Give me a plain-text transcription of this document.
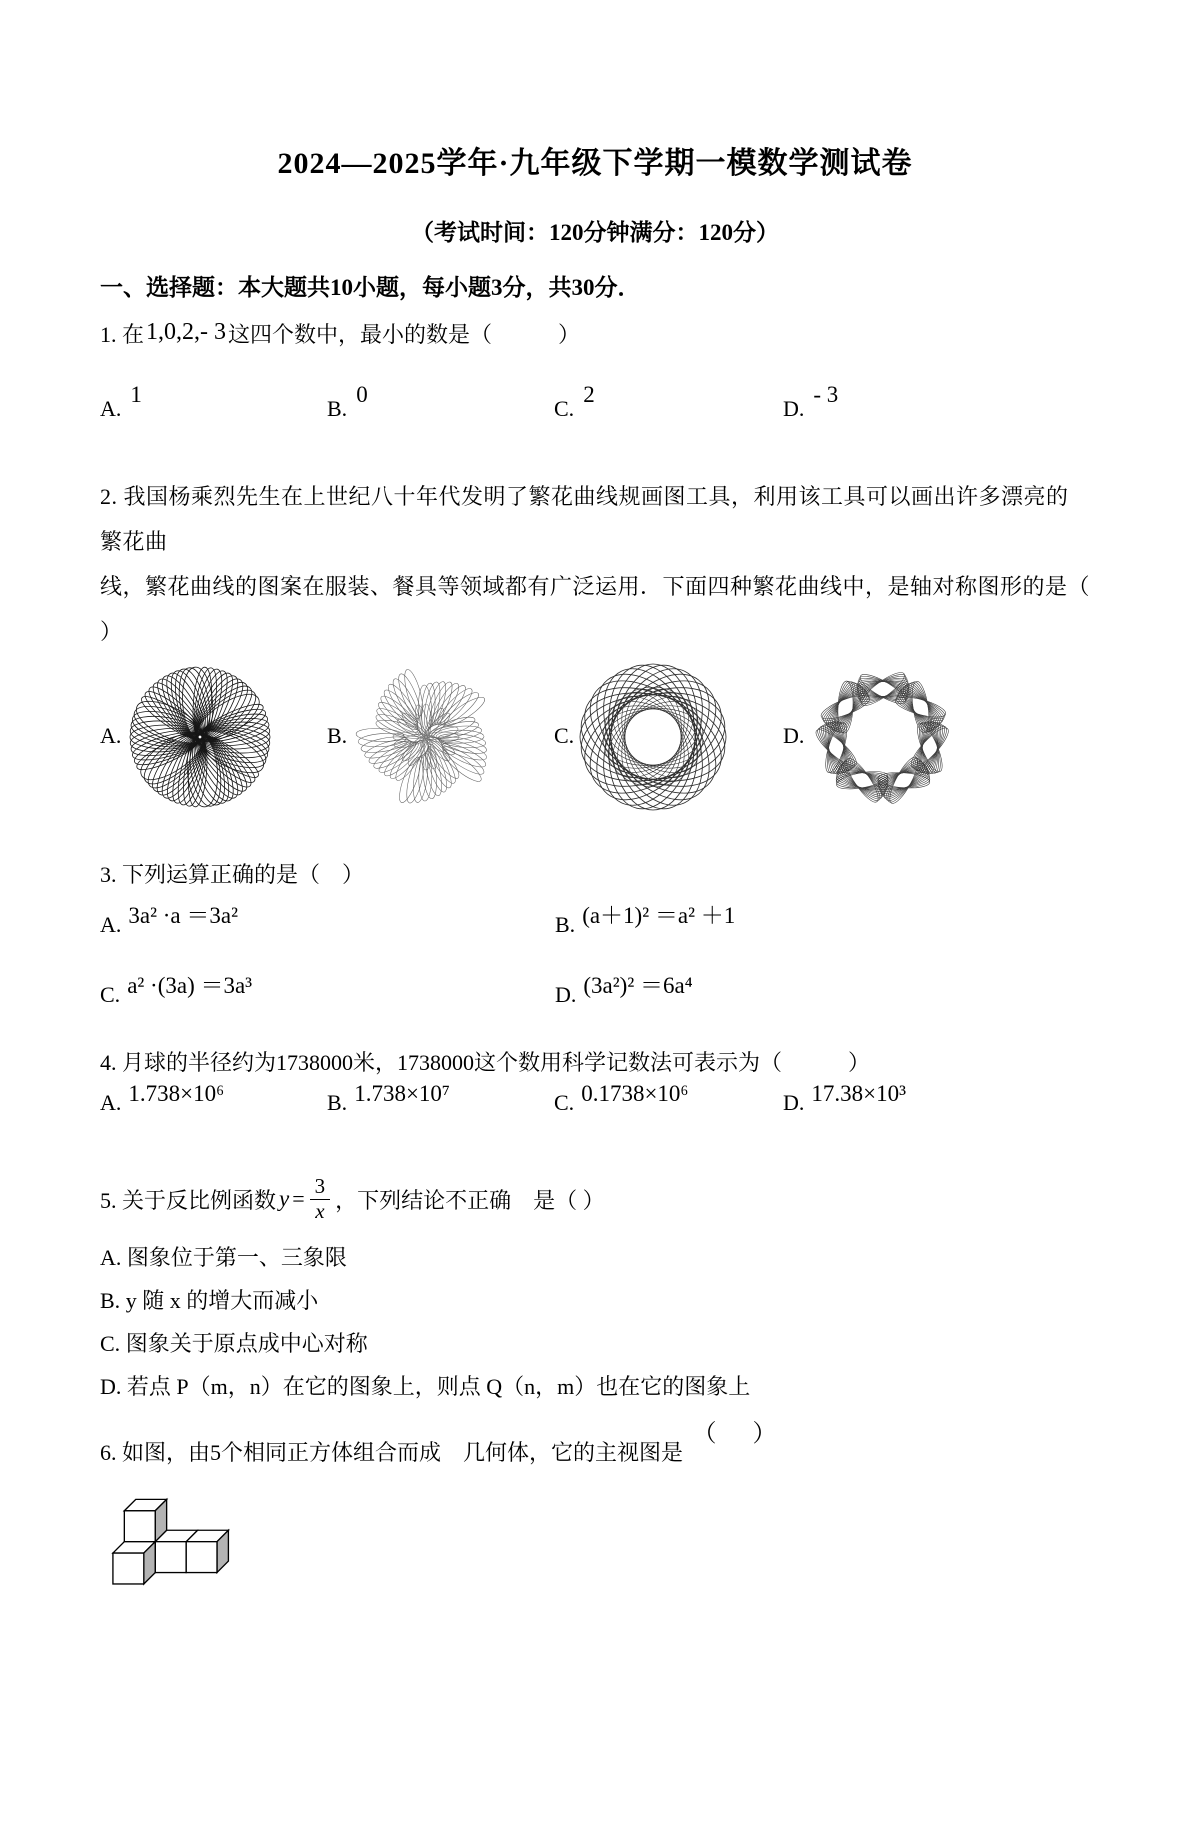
2024—2025学年·九年级下学期一模数学测试卷
（考试时间：120分钟满分：120分）
一、选择题：本大题共10小题，每小题3分，共30分．
1. 在1,0,2,- 3这四个数中，最小的数是（　　　）
A.1
B.0
C.2
D.- 3
2. 我国杨乘烈先生在上世纪八十年代发明了繁花曲线规画图工具，利用该工具可以画出许多漂亮的繁花曲
线，繁花曲线的图案在服装、餐具等领域都有广泛运用．下面四种繁花曲线中，是轴对称图形的是（
）
A.	B.	C.	D.
3. 下列运算正确的是（　）
A. 3a² ·a ＝3a²	B. (a＋1)² ＝a² ＋1
C. a² ·(3a) ＝3a³	D. (3a²)² ＝6a⁴
4. 月球的半径约为1738000米，1738000这个数用科学记数法可表示为（　　　）
A. 1.738×10⁶	B. 1.738×10⁷	C. 0.1738×10⁶	D. 17.38×10³
5. 关于反比例函数 $y = \frac{3}{x}$ ，下列结论不正确　是（ ）
A. 图象位于第一、三象限
B. y 随 x 的增大而减小
C. 图象关于原点成中心对称
D. 若点 P（m，n）在它的图象上，则点 Q（n，m）也在它的图象上
6. 如图，由5个相同正方体组合而成　几何体，它的主视图是 （　）
